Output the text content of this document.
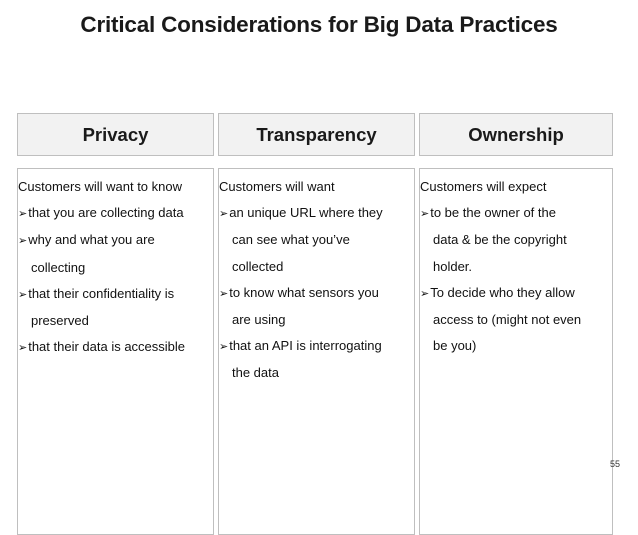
Critical Considerations for Big Data Practices
Privacy
Customers will want to know
➢that you are collecting data
➢why and what you are
collecting
➢that their confidentiality is
preserved
➢that their data is accessible
Transparency
Customers will want
➢an unique URL where they
can see what you’ve
collected
➢to know what sensors you
are using
➢that an API is interrogating
the data
Ownership
Customers will expect
➢to be the owner of the
data & be the copyright
holder.
➢To decide who they allow
access to (might not even
be you)
55
